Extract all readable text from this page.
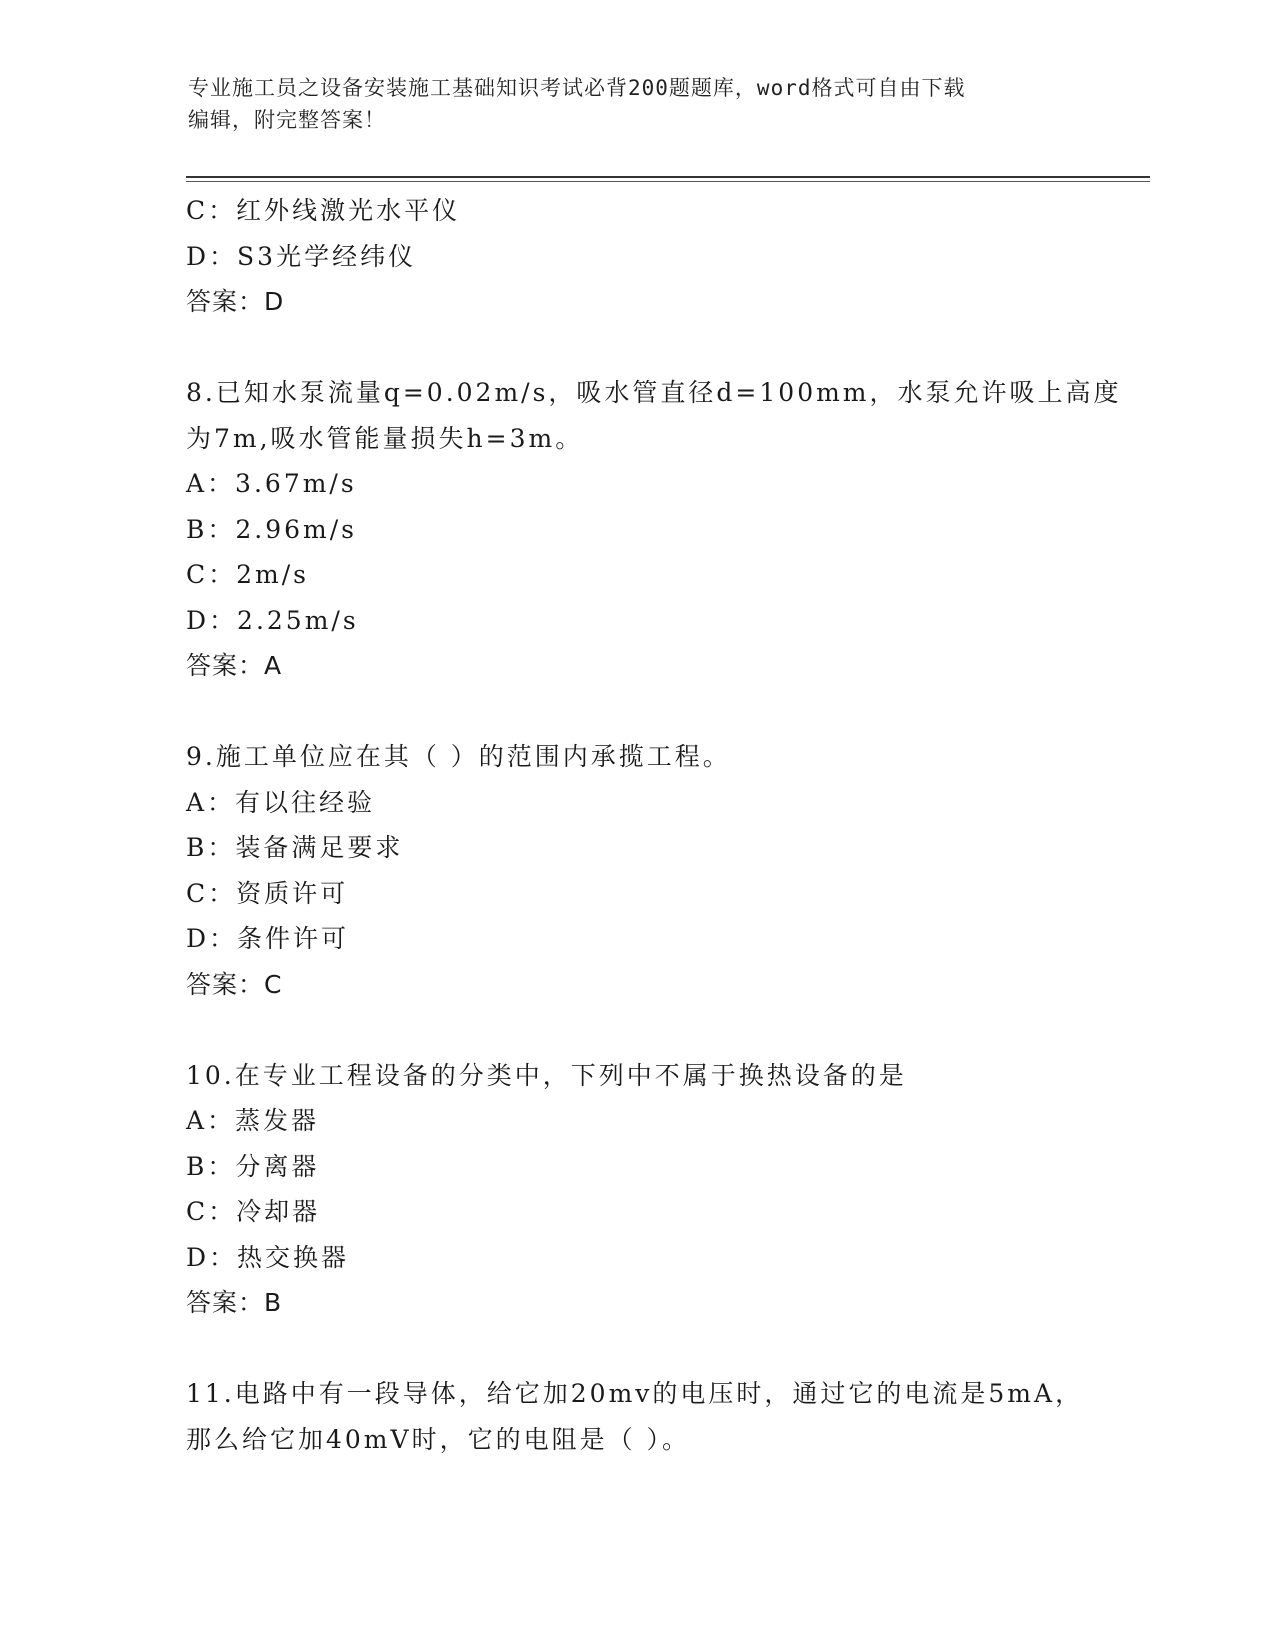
专业施工员之设备安装施工基础知识考试必背200题题库，word格式可自由下载
编辑，附完整答案！
C：红外线激光水平仪
D：S3光学经纬仪
答案：D
8.已知水泵流量q=0.02m/s，吸水管直径d=100mm，水泵允许吸上高度
为7m,吸水管能量损失h=3m。
A：3.67m/s
B：2.96m/s
C：2m/s
D：2.25m/s
答案：A
9.施工单位应在其（ ）的范围内承揽工程。
A：有以往经验
B：装备满足要求
C：资质许可
D：条件许可
答案：C
10.在专业工程设备的分类中，下列中不属于换热设备的是
A：蒸发器
B：分离器
C：冷却器
D：热交换器
答案：B
11.电路中有一段导体，给它加20mv的电压时，通过它的电流是5mA，
那么给它加40mV时，它的电阻是（ ）。
